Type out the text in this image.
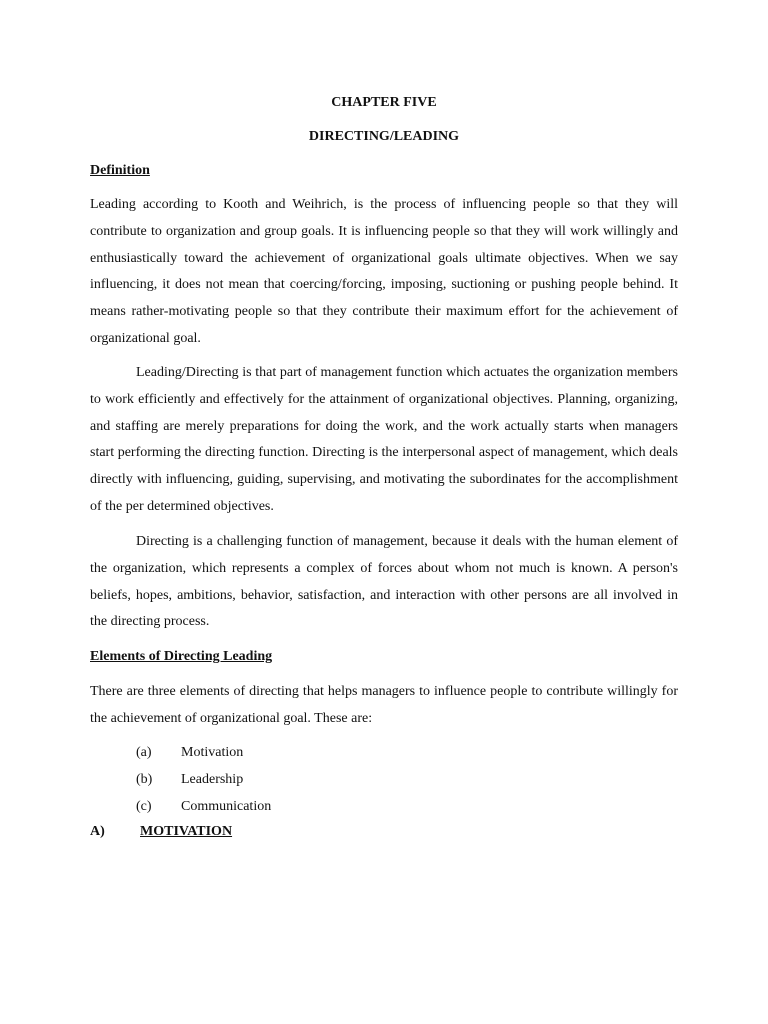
CHAPTER FIVE
DIRECTING/LEADING
Definition

Leading according to Kooth and Weihrich, is the process of influencing people so that they will contribute to organization and group goals. It is influencing people so that they will work willingly and enthusiastically toward the achievement of organizational goals ultimate objectives. When we say influencing, it does not mean that coercing/forcing, imposing, suctioning or pushing people behind. It means rather-motivating people so that they contribute their maximum effort for the achievement of organizational goal.

Leading/Directing is that part of management function which actuates the organization members to work efficiently and effectively for the attainment of organizational objectives. Planning, organizing, and staffing are merely preparations for doing the work, and the work actually starts when managers start performing the directing function. Directing is the interpersonal aspect of management, which deals directly with influencing, guiding, supervising, and motivating the subordinates for the accomplishment of the per determined objectives.

Directing is a challenging function of management, because it deals with the human element of the organization, which represents a complex of forces about whom not much is known. A person's beliefs, hopes, ambitions, behavior, satisfaction, and interaction with other persons are all involved in the directing process.

Elements of Directing Leading

There are three elements of directing that helps managers to influence people to contribute willingly for the achievement of organizational goal. These are:

(a) Motivation
(b) Leadership
(c) Communication
A)	MOTIVATION
